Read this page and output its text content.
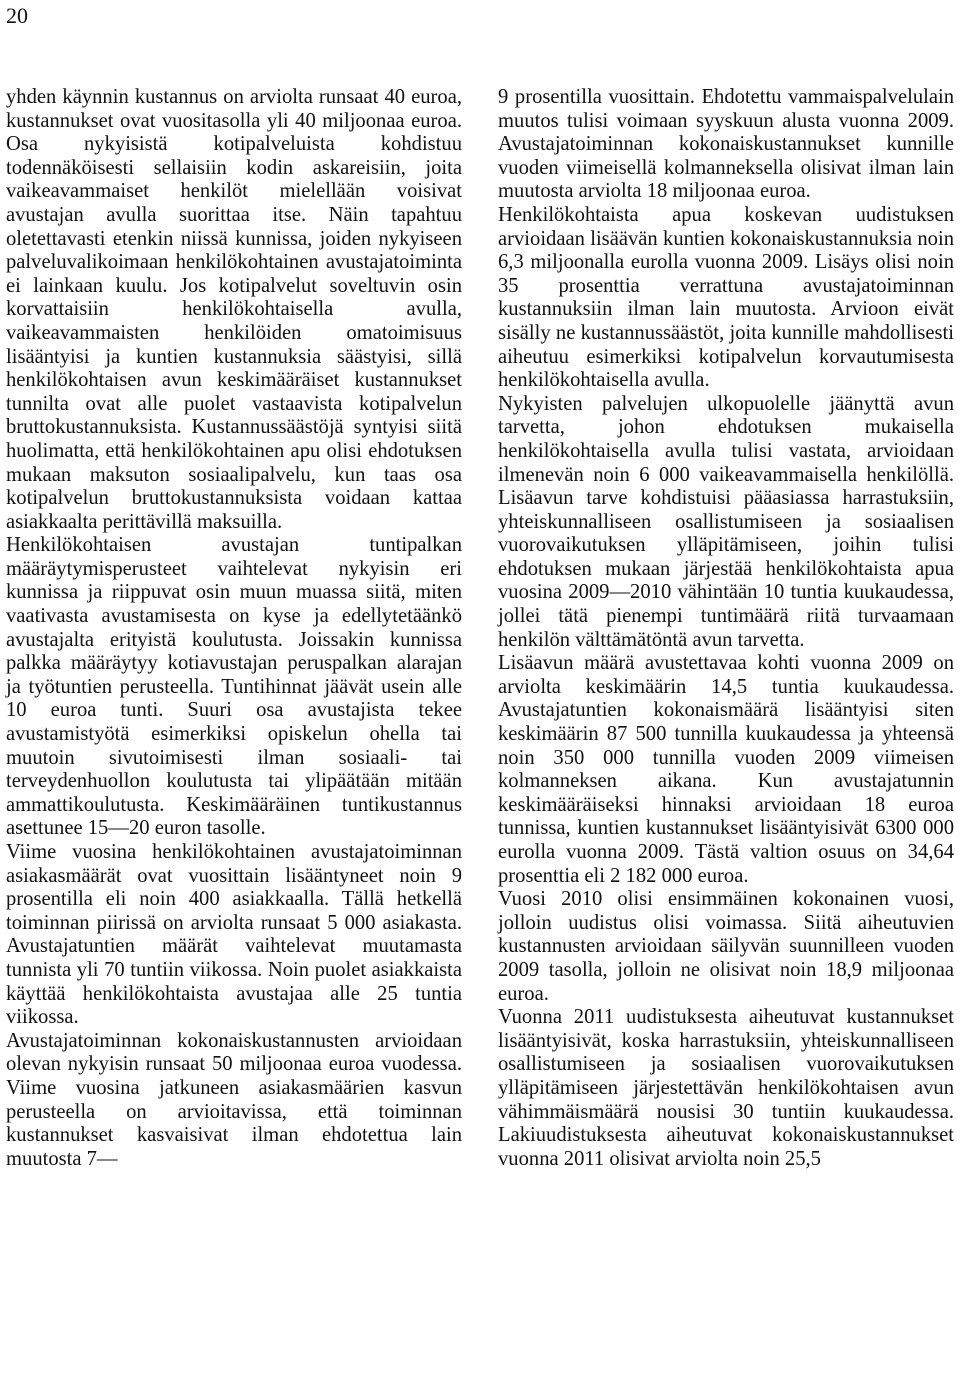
20

yhden käynnin kustannus on arviolta runsaat 40 euroa, kustannukset ovat vuositasolla yli 40 miljoonaa euroa. Osa nykyisistä kotipalveluista kohdistuu todennäköisesti sellaisiin kodin askareisiin, joita vaikeavammaiset henkilöt mielellään voisivat avustajan avulla suorittaa itse. Näin tapahtuu oletettavasti etenkin niissä kunnissa, joiden nykyiseen palveluvalikoimaan henkilökohtainen avustajatoiminta ei lainkaan kuulu. Jos kotipalvelut soveltuvin osin korvattaisiin henkilökohtaisella avulla, vaikeavammaisten henkilöiden omatoimisuus lisääntyisi ja kuntien kustannuksia säästyisi, sillä henkilökohtaisen avun keskimääräiset kustannukset tunnilta ovat alle puolet vastaavista kotipalvelun bruttokustannuksista. Kustannussäästöjä syntyisi siitä huolimatta, että henkilökohtainen apu olisi ehdotuksen mukaan maksuton sosiaalipalvelu, kun taas osa kotipalvelun bruttokustannuksista voidaan kattaa asiakkaalta perittävillä maksuilla.

Henkilökohtaisen avustajan tuntipalkan määräytymisperusteet vaihtelevat nykyisin eri kunnissa ja riippuvat osin muun muassa siitä, miten vaativasta avustamisesta on kyse ja edellytetäänkö avustajalta erityistä koulutusta. Joissakin kunnissa palkka määräytyy kotiavustajan peruspalkan alarajan ja työtuntien perusteella. Tuntihinnat jäävät usein alle 10 euroa tunti. Suuri osa avustajista tekee avustamistyötä esimerkiksi opiskelun ohella tai muutoin sivutoimisesti ilman sosiaali- tai terveydenhuollon koulutusta tai ylipäätään mitään ammattikoulutusta. Keskimääräinen tuntikustannus asettunee 15—20 euron tasolle.

Viime vuosina henkilökohtainen avustajatoiminnan asiakasmäärät ovat vuosittain lisääntyneet noin 9 prosentilla eli noin 400 asiakkaalla. Tällä hetkellä toiminnan piirissä on arviolta runsaat 5 000 asiakasta. Avustajatuntien määrät vaihtelevat muutamasta tunnista yli 70 tuntiin viikossa. Noin puolet asiakkaista käyttää henkilökohtaista avustajaa alle 25 tuntia viikossa.

Avustajatoiminnan kokonaiskustannusten arvioidaan olevan nykyisin runsaat 50 miljoonaa euroa vuodessa. Viime vuosina jatkuneen asiakasmäärien kasvun perusteella on arvioitavissa, että toiminnan kustannukset kasvaisivat ilman ehdotettua lain muutosta 7—

9 prosentilla vuosittain. Ehdotettu vammaispalvelulain muutos tulisi voimaan syyskuun alusta vuonna 2009. Avustajatoiminnan kokonaiskustannukset kunnille vuoden viimeisellä kolmanneksella olisivat ilman lain muutosta arviolta 18 miljoonaa euroa.

Henkilökohtaista apua koskevan uudistuksen arvioidaan lisäävän kuntien kokonaiskustannuksia noin 6,3 miljoonalla eurolla vuonna 2009. Lisäys olisi noin 35 prosenttia verrattuna avustajatoiminnan kustannuksiin ilman lain muutosta. Arvioon eivät sisälly ne kustannussäästöt, joita kunnille mahdollisesti aiheutuu esimerkiksi kotipalvelun korvautumisesta henkilökohtaisella avulla.

Nykyisten palvelujen ulkopuolelle jäänyttä avun tarvetta, johon ehdotuksen mukaisella henkilökohtaisella avulla tulisi vastata, arvioidaan ilmenevän noin 6 000 vaikeavammaisella henkilöllä. Lisäavun tarve kohdistuisi pääasiassa harrastuksiin, yhteiskunnalliseen osallistumiseen ja sosiaalisen vuorovaikutuksen ylläpitämiseen, joihin tulisi ehdotuksen mukaan järjestää henkilökohtaista apua vuosina 2009—2010 vähintään 10 tuntia kuukaudessa, jollei tätä pienempi tuntimäärä riitä turvaamaan henkilön välttämätöntä avun tarvetta.

Lisäavun määrä avustettavaa kohti vuonna 2009 on arviolta keskimäärin 14,5 tuntia kuukaudessa. Avustajatuntien kokonaismäärä lisääntyisi siten keskimäärin 87 500 tunnilla kuukaudessa ja yhteensä noin 350 000 tunnilla vuoden 2009 viimeisen kolmanneksen aikana. Kun avustajatunnin keskimääräiseksi hinnaksi arvioidaan 18 euroa tunnissa, kuntien kustannukset lisääntyisivät 6300 000 eurolla vuonna 2009. Tästä valtion osuus on 34,64 prosenttia eli 2 182 000 euroa.

Vuosi 2010 olisi ensimmäinen kokonainen vuosi, jolloin uudistus olisi voimassa. Siitä aiheutuvien kustannusten arvioidaan säilyvän suunnilleen vuoden 2009 tasolla, jolloin ne olisivat noin 18,9 miljoonaa euroa.

Vuonna 2011 uudistuksesta aiheutuvat kustannukset lisääntyisivät, koska harrastuksiin, yhteiskunnalliseen osallistumiseen ja sosiaalisen vuorovaikutuksen ylläpitämiseen järjestettävän henkilökohtaisen avun vähimmäismäärä nousisi 30 tuntiin kuukaudessa. Lakiuudistuksesta aiheutuvat kokonaiskustannukset vuonna 2011 olisivat arviolta noin 25,5
